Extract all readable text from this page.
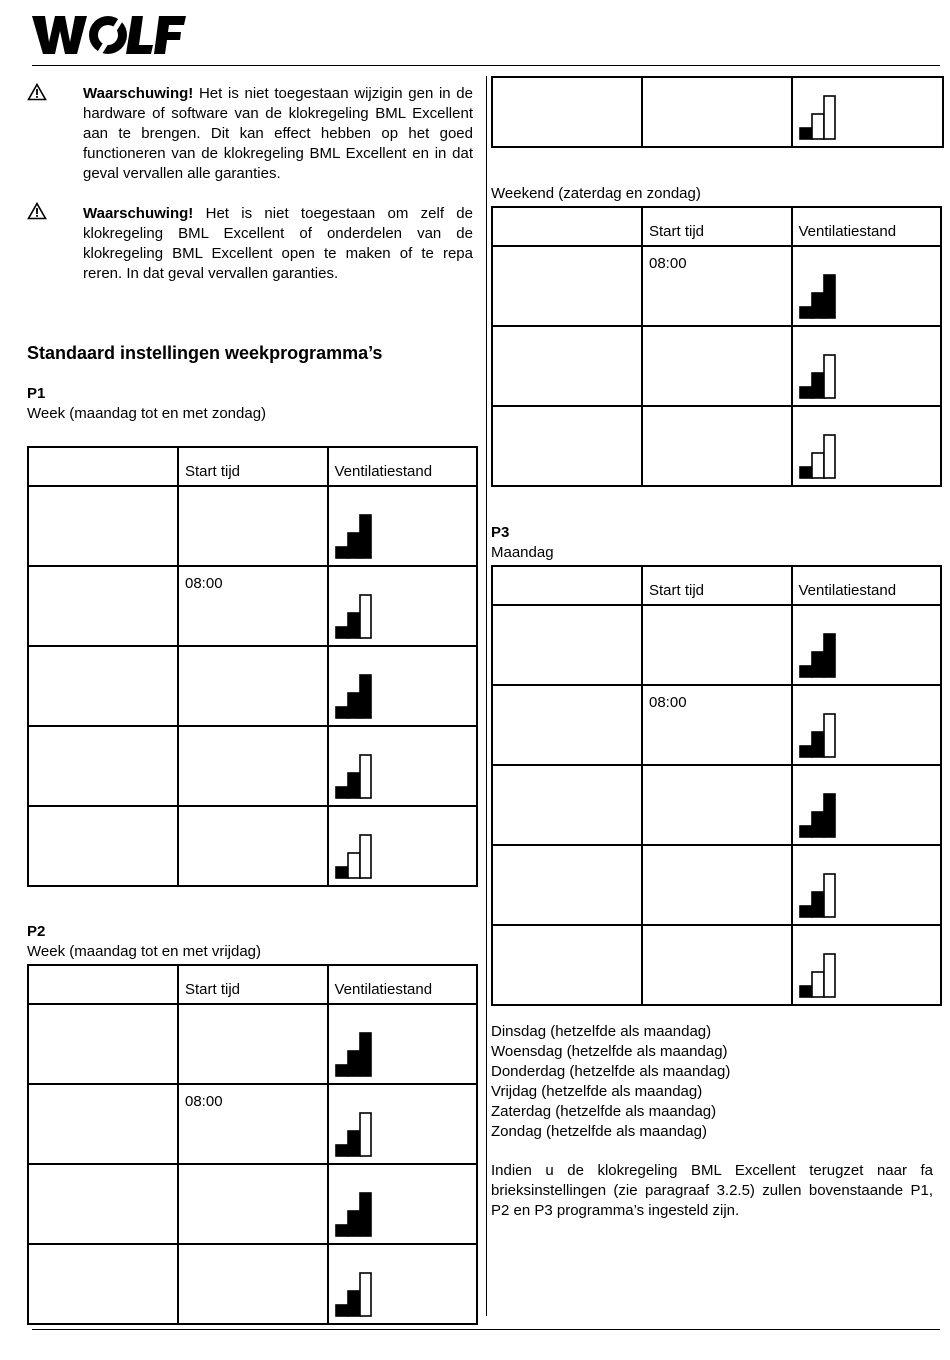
Waarschuwing! Het is niet toegestaan wijzigin gen in de hardware of software van de klokregeling BML Excellent aan te brengen. Dit kan effect hebben op het goed functioneren van de klokregeling BML Excellent en in dat geval vervallen alle garanties.
Waarschuwing! Het is niet toegestaan om zelf de klokregeling BML Excellent of onderdelen van de klokregeling BML Excellent open te maken of te repa reren. In dat geval vervallen garanties.
Standaard instellingen weekprogramma’s
P1
Week (maandag tot en met zondag)
	Start tijd	Ventilatiestand

	08:00	

P2
Week (maandag tot en met vrijdag)
	Start tijd	Ventilatiestand

	08:00	

Weekend (zaterdag en zondag)
	Start tijd	Ventilatiestand
	08:00	

P3
Maandag
	Start tijd	Ventilatiestand

	08:00	

Dinsdag (hetzelfde als maandag)
Woensdag (hetzelfde als maandag)
Donderdag (hetzelfde als maandag)
Vrijdag (hetzelfde als maandag)
Zaterdag (hetzelfde als maandag)
Zondag (hetzelfde als maandag)
Indien u de klokregeling BML Excellent terugzet naar fa brieksinstellingen (zie paragraaf 3.2.5) zullen bovenstaande P1, P2 en P3 programma’s ingesteld zijn.
